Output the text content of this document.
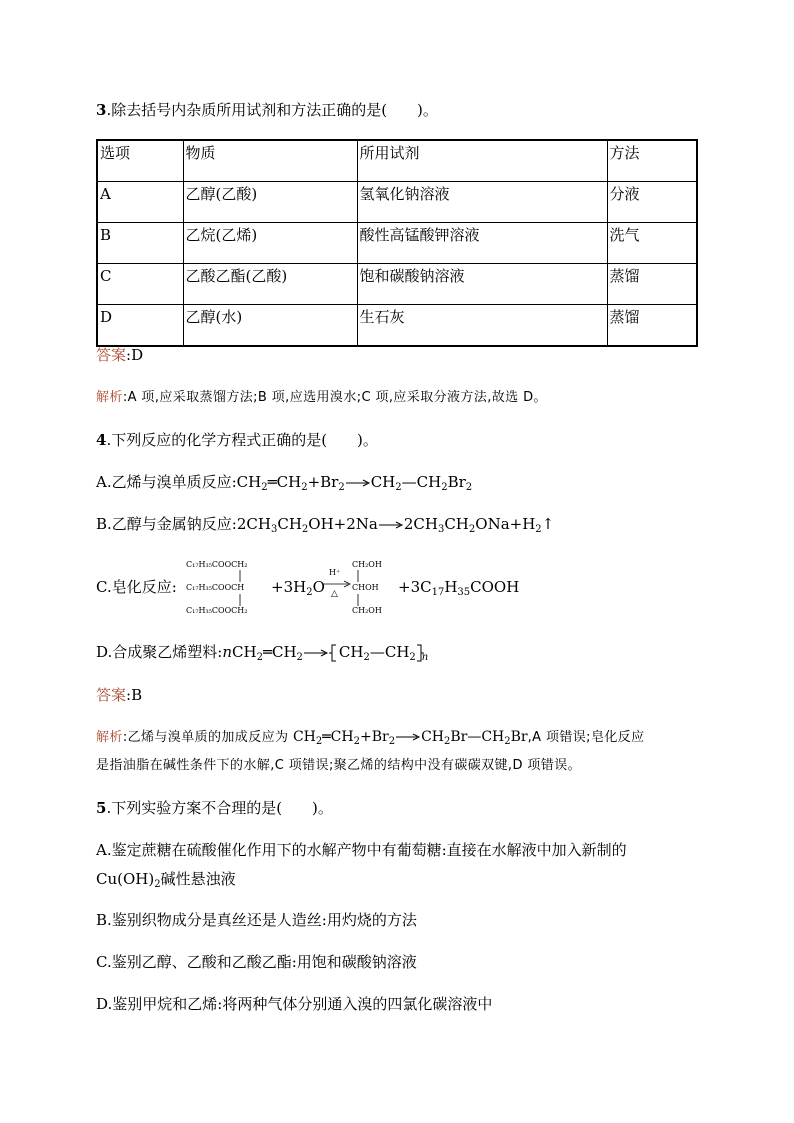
3.除去括号内杂质所用试剂和方法正确的是(　　)。
选项	物质	所用试剂	方法
A	乙醇(乙酸)	氢氧化钠溶液	分液
B	乙烷(乙烯)	酸性高锰酸钾溶液	洗气
C	乙酸乙酯(乙酸)	饱和碳酸钠溶液	蒸馏
D	乙醇(水)	生石灰	蒸馏
答案:D
解析:A 项,应采取蒸馏方法;B 项,应选用溴水;C 项,应采取分液方法,故选 D。
4.下列反应的化学方程式正确的是(　　)。
A.乙烯与溴单质反应$:CH_2═CH_2+Br_2\to CH_2—CH_2Br_2$
B.乙醇与金属钠反应$:2CH_3CH_2OH+2Na\to 2CH_3CH_2ONa+H_2↑$
C.皂化反应:
C₁₇H₃₅COOCH₂
C₁₇H₃₅COOCH
C₁₇H₃₅COOCH₂
$+3H_2O$
H⁺
△
CH₂OH
CHOH
CH₂OH
$+3C_{17}H_{35}COOH$
D.合成聚乙烯塑料$:nCH_2═CH_2\to$ $CH_2—CH_2$ $_n$
答案:B
解析:乙烯与溴单质的加成反应为 $CH_2═CH_2+Br_2\to CH_2Br—CH_2Br,A$ 项错误;皂化反应
是指油脂在碱性条件下的水解,C 项错误;聚乙烯的结构中没有碳碳双键,D 项错误。
5.下列实验方案不合理的是(　　)。
A.鉴定蔗糖在硫酸催化作用下的水解产物中有葡萄糖:直接在水解液中加入新制的
$Cu(OH)_2$碱性悬浊液
B.鉴别织物成分是真丝还是人造丝:用灼烧的方法
C.鉴别乙醇、乙酸和乙酸乙酯:用饱和碳酸钠溶液
D.鉴别甲烷和乙烯:将两种气体分别通入溴的四氯化碳溶液中
